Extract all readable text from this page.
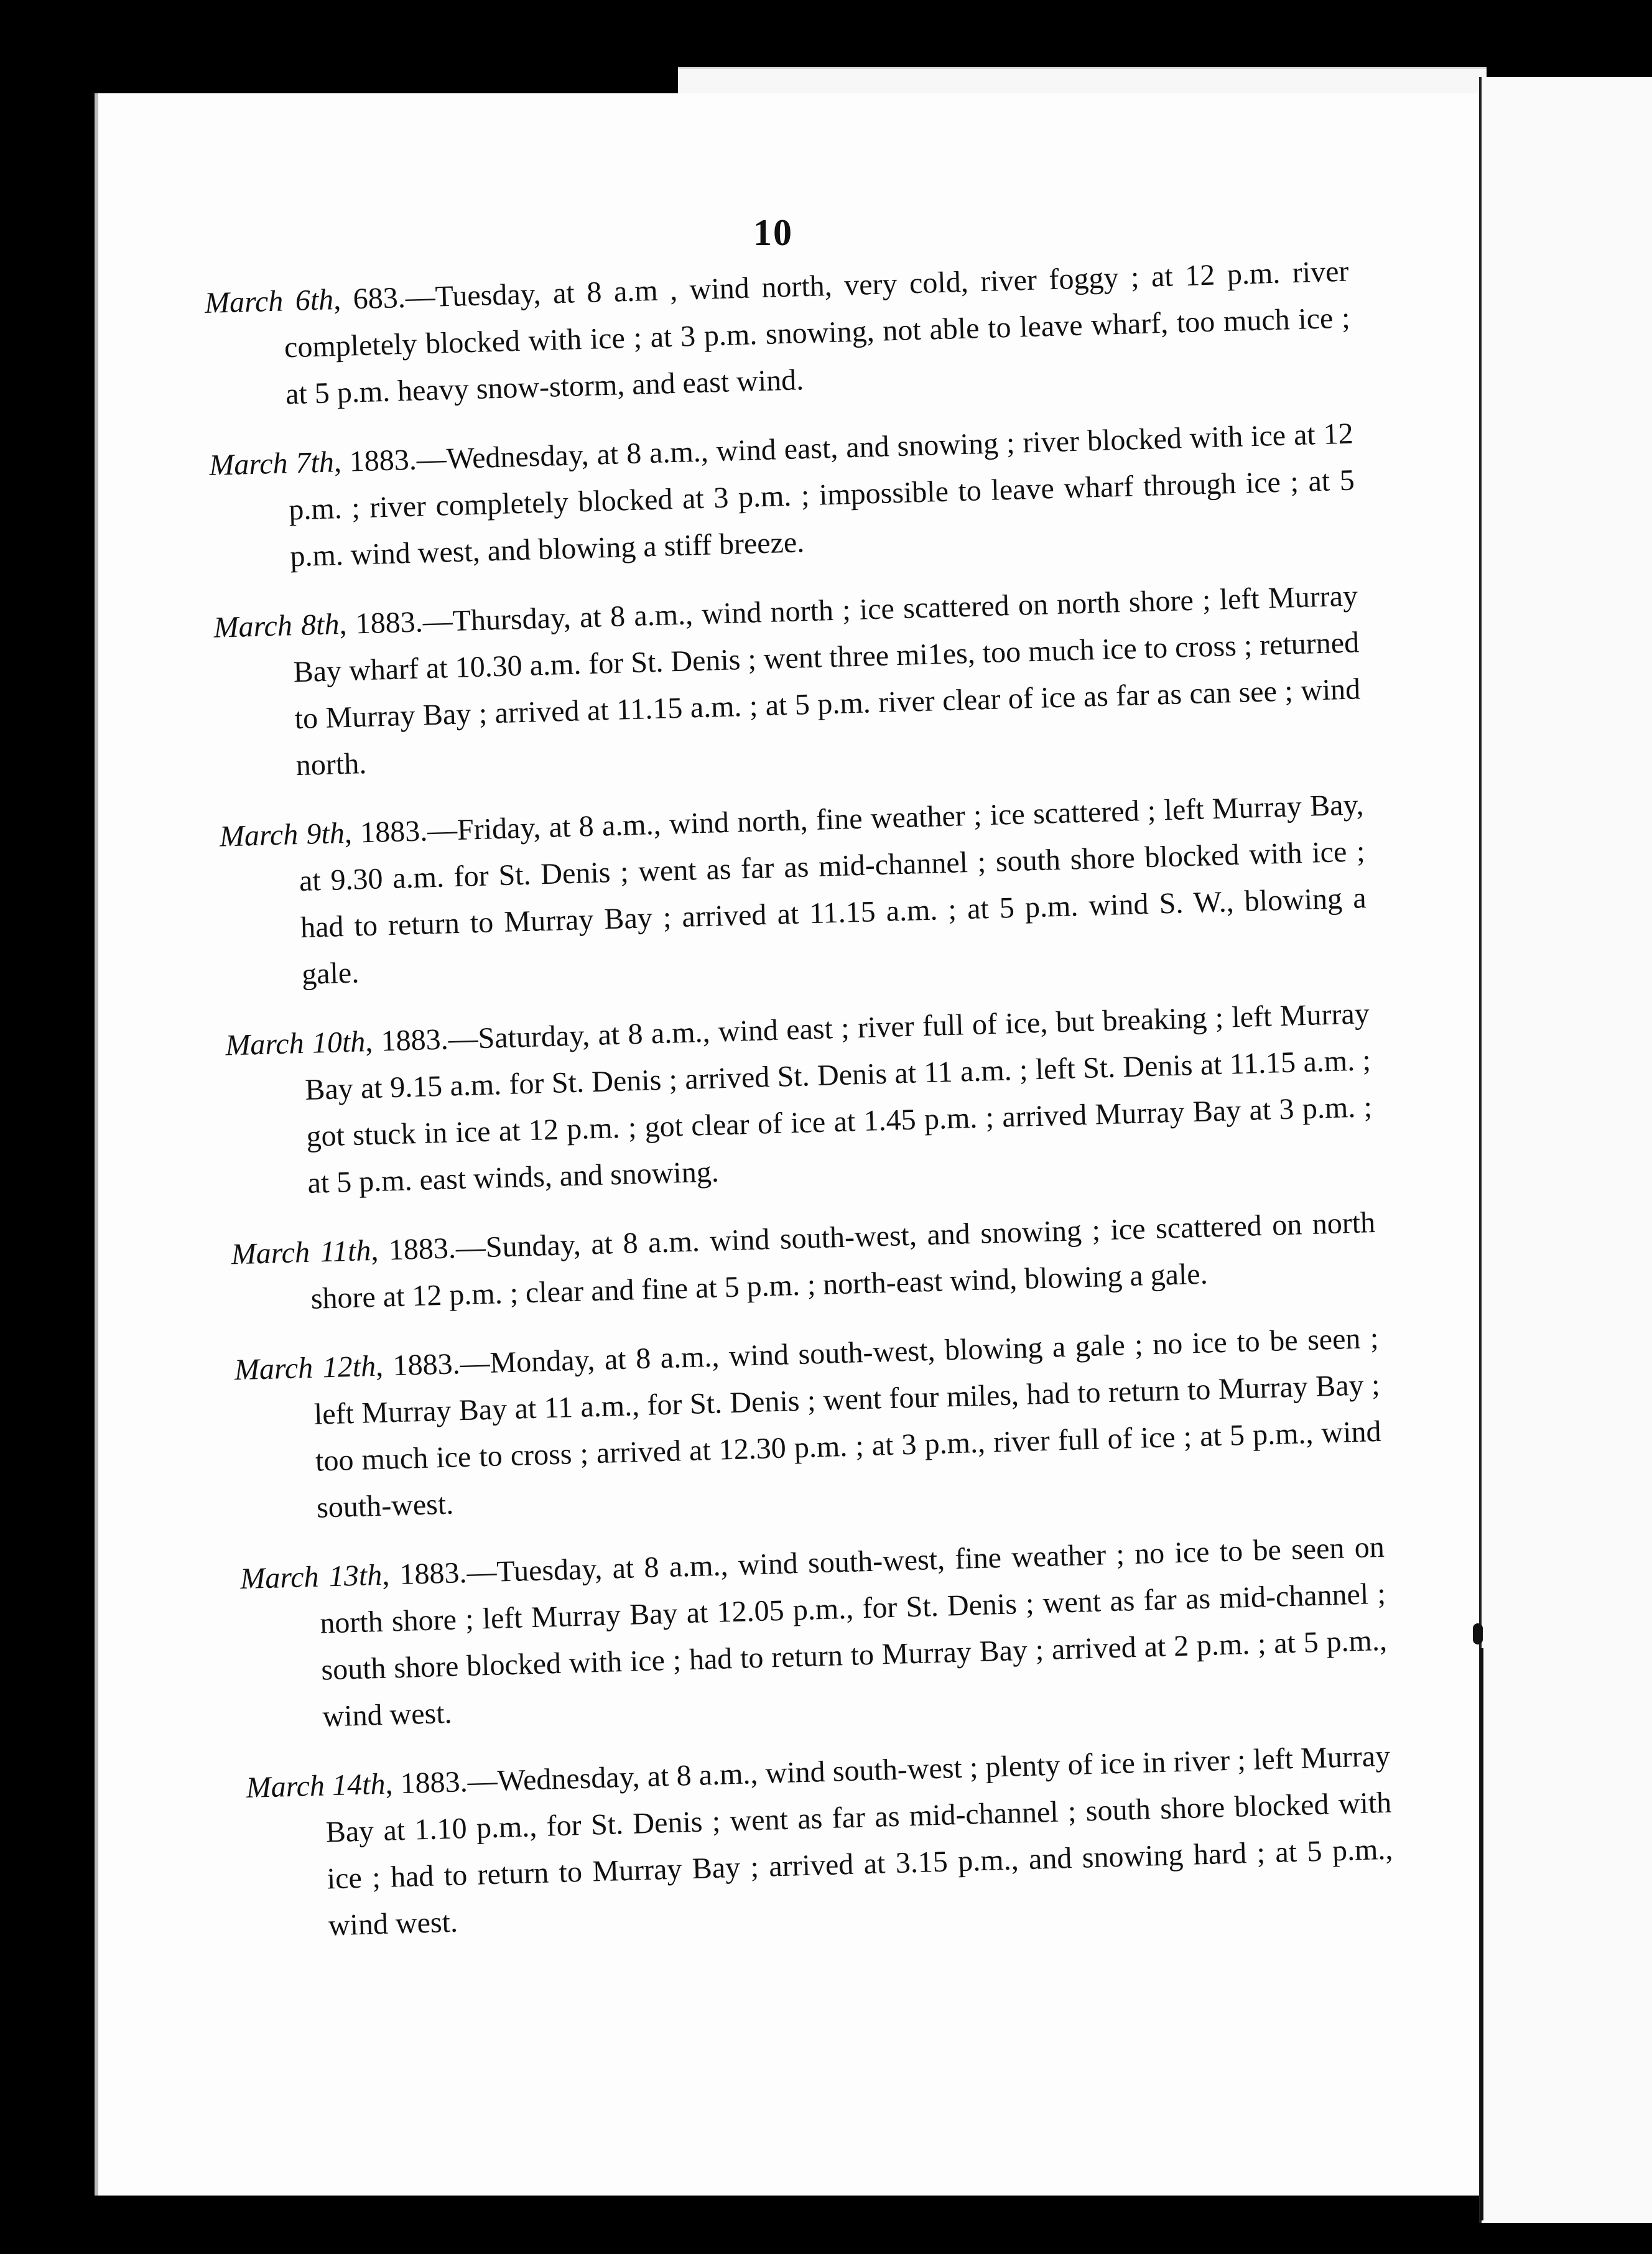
10

March 6th, 683.—Tuesday, at 8 a.m , wind north, very cold, river foggy ; at 12 p.m. river completely blocked with ice ; at 3 p.m. snowing, not able to leave wharf, too much ice ; at 5 p.m. heavy snow-storm, and east wind.

March 7th, 1883.—Wednesday, at 8 a.m., wind east, and snowing ; river blocked with ice at 12 p.m. ; river completely blocked at 3 p.m. ; impossible to leave wharf through ice ; at 5 p.m. wind west, and blowing a stiff breeze.

March 8th, 1883.—Thursday, at 8 a.m., wind north ; ice scattered on north shore ; left Murray Bay wharf at 10.30 a.m. for St. Denis ; went three mi1es, too much ice to cross ; returned to Murray Bay ; arrived at 11.15 a.m. ; at 5 p.m. river clear of ice as far as can see ; wind north.

March 9th, 1883.—Friday, at 8 a.m., wind north, fine weather ; ice scattered ; left Murray Bay, at 9.30 a.m. for St. Denis ; went as far as mid-channel ; south shore blocked with ice ; had to return to Murray Bay ; arrived at 11.15 a.m. ; at 5 p.m. wind S. W., blowing a gale.

March 10th, 1883.—Saturday, at 8 a.m., wind east ; river full of ice, but breaking ; left Murray Bay at 9.15 a.m. for St. Denis ; arrived St. Denis at 11 a.m. ; left St. Denis at 11.15 a.m. ; got stuck in ice at 12 p.m. ; got clear of ice at 1.45 p.m. ; arrived Murray Bay at 3 p.m. ; at 5 p.m. east winds, and snowing.

March 11th, 1883.—Sunday, at 8 a.m. wind south-west, and snowing ; ice scattered on north shore at 12 p.m. ; clear and fine at 5 p.m. ; north-east wind, blowing a gale.

March 12th, 1883.—Monday, at 8 a.m., wind south-west, blowing a gale ; no ice to be seen ; left Murray Bay at 11 a.m., for St. Denis ; went four miles, had to return to Murray Bay ; too much ice to cross ; arrived at 12.30 p.m. ; at 3 p.m., river full of ice ; at 5 p.m., wind south-west.

March 13th, 1883.—Tuesday, at 8 a.m., wind south-west, fine weather ; no ice to be seen on north shore ; left Murray Bay at 12.05 p.m., for St. Denis ; went as far as mid-channel ; south shore blocked with ice ; had to return to Murray Bay ; arrived at 2 p.m. ; at 5 p.m., wind west.

March 14th, 1883.—Wednesday, at 8 a.m., wind south-west ; plenty of ice in river ; left Murray Bay at 1.10 p.m., for St. Denis ; went as far as mid-channel ; south shore blocked with ice ; had to return to Murray Bay ; arrived at 3.15 p.m., and snowing hard ; at 5 p.m., wind west.
